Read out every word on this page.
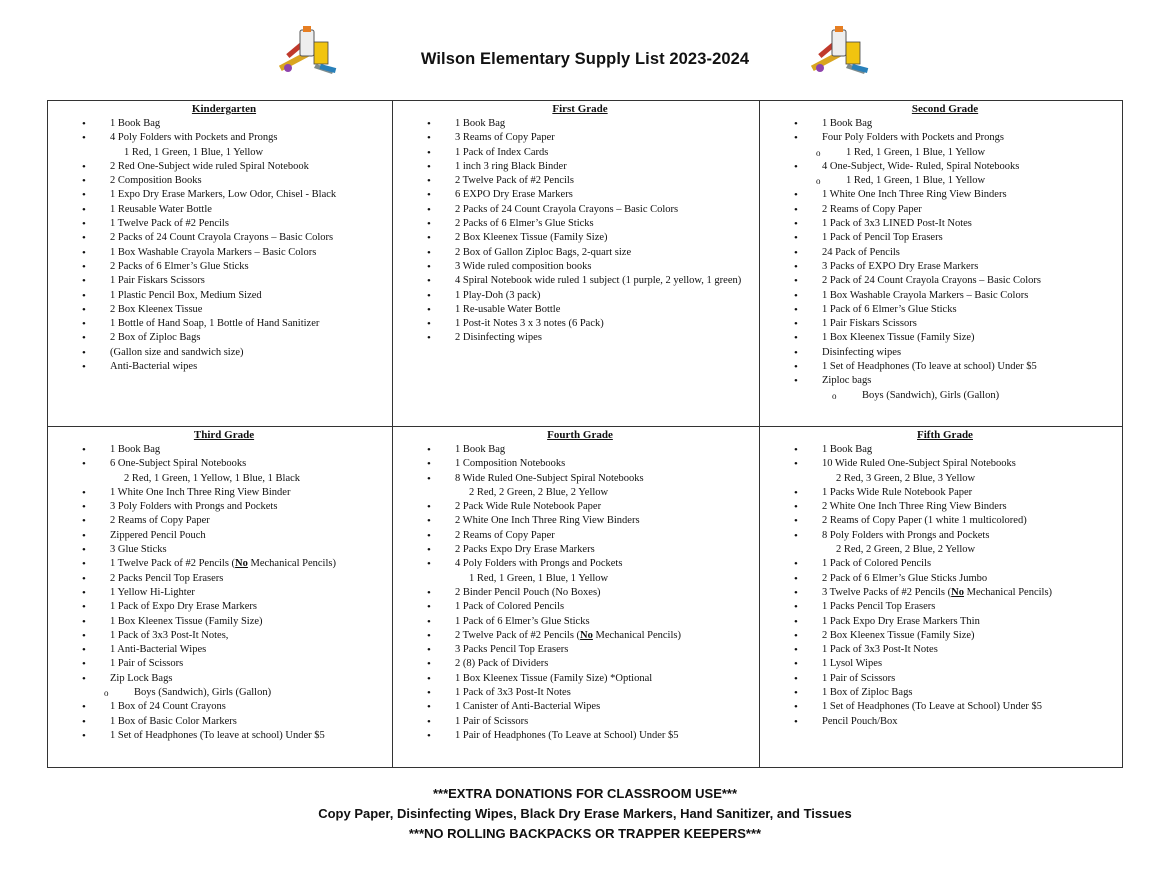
Wilson Elementary Supply List 2023-2024
Kindergarten
• 1 Book Bag
• 4 Poly Folders with Pockets and Prongs
1 Red, 1 Green, 1 Blue, 1 Yellow
• 2 Red One-Subject wide ruled Spiral Notebook
• 2 Composition Books
• 1 Expo Dry Erase Markers, Low Odor, Chisel - Black
• 1 Reusable Water Bottle
• 1 Twelve Pack of #2 Pencils
• 2 Packs of 24 Count Crayola Crayons – Basic Colors
• 1 Box Washable Crayola Markers – Basic Colors
• 2 Packs of 6 Elmer’s Glue Sticks
• 1 Pair Fiskars Scissors
• 1 Plastic Pencil Box, Medium Sized
• 2 Box Kleenex Tissue
• 1 Bottle of Hand Soap, 1 Bottle of Hand Sanitizer
• 2 Box of Ziploc Bags
• (Gallon size and sandwich size)
• Anti-Bacterial wipes
First Grade
• 1 Book Bag
• 3 Reams of Copy Paper
• 1 Pack of Index Cards
• 1 inch 3 ring Black Binder
• 2 Twelve Pack of #2 Pencils
• 6 EXPO Dry Erase Markers
• 2 Packs of 24 Count Crayola Crayons – Basic Colors
• 2 Packs of 6 Elmer’s Glue Sticks
• 2 Box Kleenex Tissue (Family Size)
• 2 Box of Gallon Ziploc Bags, 2-quart size
• 3 Wide ruled composition books
• 4 Spiral Notebook wide ruled 1 subject (1 purple, 2 yellow, 1 green)
• 1 Play-Doh (3 pack)
• 1 Re-usable Water Bottle
• 1 Post-it Notes 3 x 3 notes (6 Pack)
• 2 Disinfecting wipes
Second Grade
• 1 Book Bag
• Four Poly Folders with Pockets and Prongs
o 1 Red, 1 Green, 1 Blue, 1 Yellow
• 4 One-Subject, Wide- Ruled, Spiral Notebooks
o 1 Red, 1 Green, 1 Blue, 1 Yellow
• 1 White One Inch Three Ring View Binders
• 2 Reams of Copy Paper
• 1 Pack of 3x3 LINED Post-It Notes
• 1 Pack of Pencil Top Erasers
• 24 Pack of Pencils
• 3 Packs of EXPO Dry Erase Markers
• 2 Pack of 24 Count Crayola Crayons – Basic Colors
• 1 Box Washable Crayola Markers – Basic Colors
• 1 Pack of 6 Elmer’s Glue Sticks
• 1 Pair Fiskars Scissors
• 1 Box Kleenex Tissue (Family Size)
• Disinfecting wipes
• 1 Set of Headphones (To leave at school) Under $5
• Ziploc bags
o Boys (Sandwich), Girls (Gallon)
Third Grade
• 1 Book Bag
• 6 One-Subject Spiral Notebooks
2 Red, 1 Green, 1 Yellow, 1 Blue, 1 Black
• 1 White One Inch Three Ring View Binder
• 3 Poly Folders with Prongs and Pockets
• 2 Reams of Copy Paper
• Zippered Pencil Pouch
• 3 Glue Sticks
• 1 Twelve Pack of #2 Pencils (No Mechanical Pencils)
• 2 Packs Pencil Top Erasers
• 1 Yellow Hi-Lighter
• 1 Pack of Expo Dry Erase Markers
• 1 Box Kleenex Tissue (Family Size)
• 1 Pack of 3x3 Post-It Notes,
• 1 Anti-Bacterial Wipes
• 1 Pair of Scissors
• Zip Lock Bags
o Boys (Sandwich), Girls (Gallon)
• 1 Box of 24 Count Crayons
• 1 Box of Basic Color Markers
• 1 Set of Headphones (To leave at school) Under $5
Fourth Grade
• 1 Book Bag
• 1 Composition Notebooks
• 8 Wide Ruled One-Subject Spiral Notebooks
2 Red, 2 Green, 2 Blue, 2 Yellow
• 2 Pack Wide Rule Notebook Paper
• 2 White One Inch Three Ring View Binders
• 2 Reams of Copy Paper
• 2 Packs Expo Dry Erase Markers
• 4 Poly Folders with Prongs and Pockets
1 Red, 1 Green, 1 Blue, 1 Yellow
• 2 Binder Pencil Pouch (No Boxes)
• 1 Pack of Colored Pencils
• 1 Pack of 6 Elmer’s Glue Sticks
• 2 Twelve Pack of #2 Pencils (No Mechanical Pencils)
• 3 Packs Pencil Top Erasers
• 2 (8) Pack of Dividers
• 1 Box Kleenex Tissue (Family Size) *Optional
• 1 Pack of 3x3 Post-It Notes
• 1 Canister of Anti-Bacterial Wipes
• 1 Pair of Scissors
• 1 Pair of Headphones (To Leave at School) Under $5
Fifth Grade
• 1 Book Bag
• 10 Wide Ruled One-Subject Spiral Notebooks
2 Red, 3 Green, 2 Blue, 3 Yellow
• 1 Packs Wide Rule Notebook Paper
• 2 White One Inch Three Ring View Binders
• 2 Reams of Copy Paper (1 white 1 multicolored)
• 8 Poly Folders with Prongs and Pockets
2 Red, 2 Green, 2 Blue, 2 Yellow
• 1 Pack of Colored Pencils
• 2 Pack of 6 Elmer’s Glue Sticks Jumbo
• 3 Twelve Packs of #2 Pencils (No Mechanical Pencils)
• 1 Packs Pencil Top Erasers
• 1 Pack Expo Dry Erase Markers Thin
• 2 Box Kleenex Tissue (Family Size)
• 1 Pack of 3x3 Post-It Notes
• 1 Lysol Wipes
• 1 Pair of Scissors
• 1 Box of Ziploc Bags
• 1 Set of Headphones (To Leave at School) Under $5
• Pencil Pouch/Box
***EXTRA DONATIONS FOR CLASSROOM USE***
Copy Paper, Disinfecting Wipes, Black Dry Erase Markers, Hand Sanitizer, and Tissues
***NO ROLLING BACKPACKS OR TRAPPER KEEPERS***
